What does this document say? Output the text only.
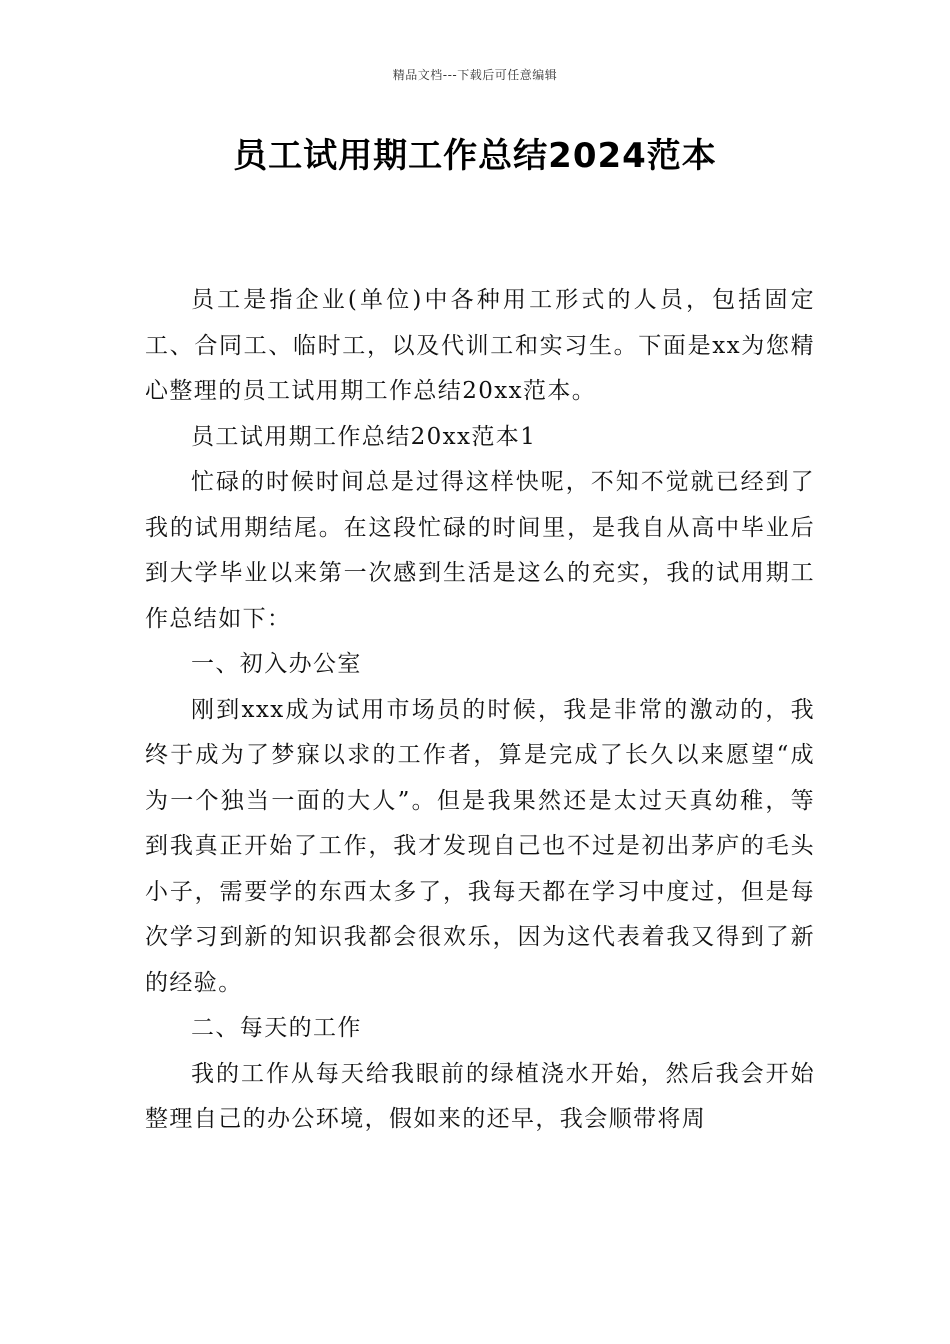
精品文档---下载后可任意编辑
员工试用期工作总结2024范本

员工是指企业(单位)中各种用工形式的人员，包括固定工、合同工、临时工，以及代训工和实习生。下面是xx为您精心整理的员工试用期工作总结20xx范本。

员工试用期工作总结20xx范本1

忙碌的时候时间总是过得这样快呢，不知不觉就已经到了我的试用期结尾。在这段忙碌的时间里，是我自从高中毕业后到大学毕业以来第一次感到生活是这么的充实，我的试用期工作总结如下：

一、初入办公室

刚到xxx成为试用市场员的时候，我是非常的激动的，我终于成为了梦寐以求的工作者，算是完成了长久以来愿望“成为一个独当一面的大人”。但是我果然还是太过天真幼稚，等到我真正开始了工作，我才发现自己也不过是初出茅庐的毛头小子，需要学的东西太多了，我每天都在学习中度过，但是每次学习到新的知识我都会很欢乐，因为这代表着我又得到了新的经验。

二、每天的工作

我的工作从每天给我眼前的绿植浇水开始，然后我会开始整理自己的办公环境，假如来的还早，我会顺带将周
